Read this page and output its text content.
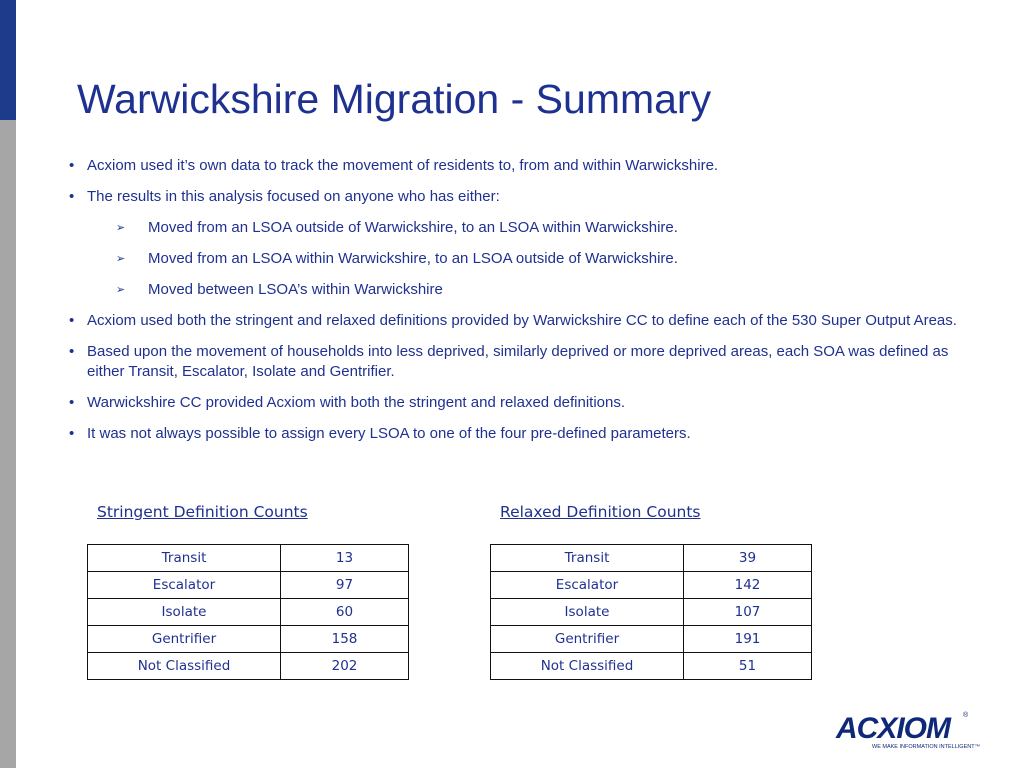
Warwickshire Migration - Summary
• Acxiom used it’s own data to track the movement of residents to, from and within Warwickshire.
• The results in this analysis focused on anyone who has either:
➢ Moved from an LSOA outside of Warwickshire, to an LSOA within Warwickshire.
➢ Moved from an LSOA within Warwickshire, to an LSOA outside of Warwickshire.
➢ Moved between LSOA’s within Warwickshire
• Acxiom used both the stringent and relaxed definitions provided by Warwickshire CC to define each of the 530 Super Output Areas.
• Based upon the movement of households into less deprived, similarly deprived or more deprived areas, each SOA was defined as either Transit, Escalator, Isolate and Gentrifier.
• Warwickshire CC provided Acxiom with both the stringent and relaxed definitions.
• It was not always possible to assign every LSOA to one of the four pre-defined parameters.
Stringent Definition Counts
Transit	13
Escalator	97
Isolate	60
Gentrifier	158
Not Classified	202
Relaxed Definition Counts
Transit	39
Escalator	142
Isolate	107
Gentrifier	191
Not Classified	51
ACXIOM ®
WE MAKE INFORMATION INTELLIGENT™
